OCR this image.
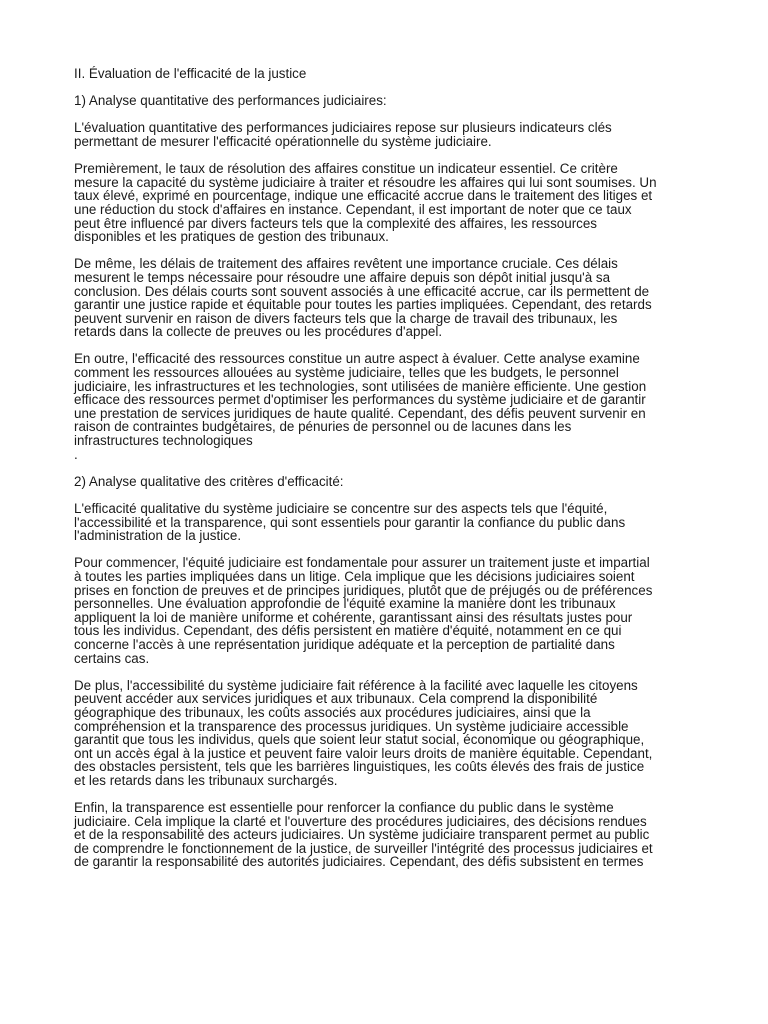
II. Évaluation de l'efficacité de la justice

1) Analyse quantitative des performances judiciaires:

L'évaluation quantitative des performances judiciaires repose sur plusieurs indicateurs clés
permettant de mesurer l'efficacité opérationnelle du système judiciaire.

Premièrement, le taux de résolution des affaires constitue un indicateur essentiel. Ce critère
mesure la capacité du système judiciaire à traiter et résoudre les affaires qui lui sont soumises. Un
taux élevé, exprimé en pourcentage, indique une efficacité accrue dans le traitement des litiges et
une réduction du stock d'affaires en instance. Cependant, il est important de noter que ce taux
peut être influencé par divers facteurs tels que la complexité des affaires, les ressources
disponibles et les pratiques de gestion des tribunaux.

De même, les délais de traitement des affaires revêtent une importance cruciale. Ces délais
mesurent le temps nécessaire pour résoudre une affaire depuis son dépôt initial jusqu'à sa
conclusion. Des délais courts sont souvent associés à une efficacité accrue, car ils permettent de
garantir une justice rapide et équitable pour toutes les parties impliquées. Cependant, des retards
peuvent survenir en raison de divers facteurs tels que la charge de travail des tribunaux, les
retards dans la collecte de preuves ou les procédures d'appel.

En outre, l'efficacité des ressources constitue un autre aspect à évaluer. Cette analyse examine
comment les ressources allouées au système judiciaire, telles que les budgets, le personnel
judiciaire, les infrastructures et les technologies, sont utilisées de manière efficiente. Une gestion
efficace des ressources permet d'optimiser les performances du système judiciaire et de garantir
une prestation de services juridiques de haute qualité. Cependant, des défis peuvent survenir en
raison de contraintes budgétaires, de pénuries de personnel ou de lacunes dans les
infrastructures technologiques

.

2) Analyse qualitative des critères d'efficacité:

L'efficacité qualitative du système judiciaire se concentre sur des aspects tels que l'équité,
l'accessibilité et la transparence, qui sont essentiels pour garantir la confiance du public dans
l'administration de la justice.

Pour commencer, l'équité judiciaire est fondamentale pour assurer un traitement juste et impartial
à toutes les parties impliquées dans un litige. Cela implique que les décisions judiciaires soient
prises en fonction de preuves et de principes juridiques, plutôt que de préjugés ou de préférences
personnelles. Une évaluation approfondie de l'équité examine la manière dont les tribunaux
appliquent la loi de manière uniforme et cohérente, garantissant ainsi des résultats justes pour
tous les individus. Cependant, des défis persistent en matière d'équité, notamment en ce qui
concerne l'accès à une représentation juridique adéquate et la perception de partialité dans
certains cas.

De plus, l'accessibilité du système judiciaire fait référence à la facilité avec laquelle les citoyens
peuvent accéder aux services juridiques et aux tribunaux. Cela comprend la disponibilité
géographique des tribunaux, les coûts associés aux procédures judiciaires, ainsi que la
compréhension et la transparence des processus juridiques. Un système judiciaire accessible
garantit que tous les individus, quels que soient leur statut social, économique ou géographique,
ont un accès égal à la justice et peuvent faire valoir leurs droits de manière équitable. Cependant,
des obstacles persistent, tels que les barrières linguistiques, les coûts élevés des frais de justice
et les retards dans les tribunaux surchargés.

Enfin, la transparence est essentielle pour renforcer la confiance du public dans le système
judiciaire. Cela implique la clarté et l'ouverture des procédures judiciaires, des décisions rendues
et de la responsabilité des acteurs judiciaires. Un système judiciaire transparent permet au public
de comprendre le fonctionnement de la justice, de surveiller l'intégrité des processus judiciaires et
de garantir la responsabilité des autorités judiciaires. Cependant, des défis subsistent en termes
